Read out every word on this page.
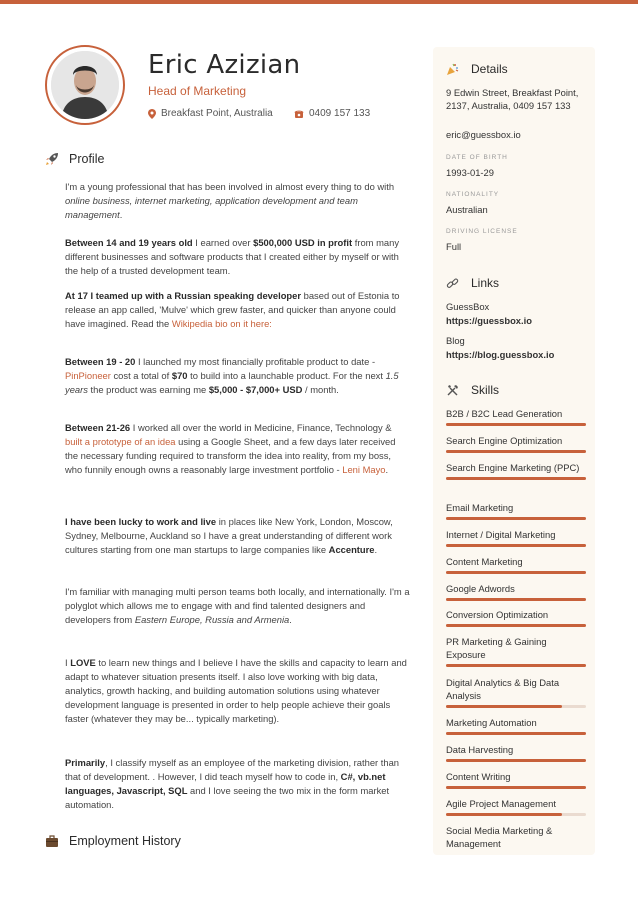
Eric Azizian
Head of Marketing
Breakfast Point, Australia	0409 157 133
Profile

I'm a young professional that has been involved in almost every thing to do with online business, internet marketing, application development and team management.

Between 14 and 19 years old I earned over $500,000 USD in profit from many different businesses and software products that I created either by myself or with the help of a trusted development team.

At 17 I teamed up with a Russian speaking developer based out of Estonia to release an app called, 'Mulve' which grew faster, and quicker than anyone could have imagined. Read the Wikipedia bio on it here:

Between 19 - 20 I launched my most financially profitable product to date - PinPioneer cost a total of $70 to build into a launchable product. For the next 1.5 years the product was earning me $5,000 - $7,000+ USD / month.

Between 21-26 I worked all over the world in Medicine, Finance, Technology & built a prototype of an idea using a Google Sheet, and a few days later received the necessary funding required to transform the idea into reality, from my boss, who funnily enough owns a reasonably large investment portfolio - Leni Mayo.

I have been lucky to work and live in places like New York, London, Moscow, Sydney, Melbourne, Auckland so I have a great understanding of different work cultures starting from one man startups to large companies like Accenture.

I'm familiar with managing multi person teams both locally, and internationally. I'm a polyglot which allows me to engage with and find talented designers and developers from Eastern Europe, Russia and Armenia.

I LOVE to learn new things and I believe I have the skills and capacity to learn and adapt to whatever situation presents itself. I also love working with big data, analytics, growth hacking, and building automation solutions using whatever development language is presented in order to help people achieve their goals faster (whatever they may be... typically marketing).

Primarily, I classify myself as an employee of the marketing division, rather than that of development. . However, I did teach myself how to code in, C#, vb.net languages, Javascript, SQL and I love seeing the two mix in the form market automation.

Employment History
Details
9 Edwin Street, Breakfast Point, 2137, Australia, 0409 157 133
eric@guessbox.io
DATE OF BIRTH
1993-01-29
NATIONALITY
Australian
DRIVING LICENSE
Full
Links
GuessBox
https://guessbox.io
Blog
https://blog.guessbox.io
Skills
B2B / B2C Lead Generation
Search Engine Optimization
Search Engine Marketing (PPC)
Email Marketing
Internet / Digital Marketing
Content Marketing
Google Adwords
Conversion Optimization
PR Marketing & Gaining Exposure
Digital Analytics & Big Data Analysis
Marketing Automation
Data Harvesting
Content Writing
Agile Project Management
Social Media Marketing & Management
